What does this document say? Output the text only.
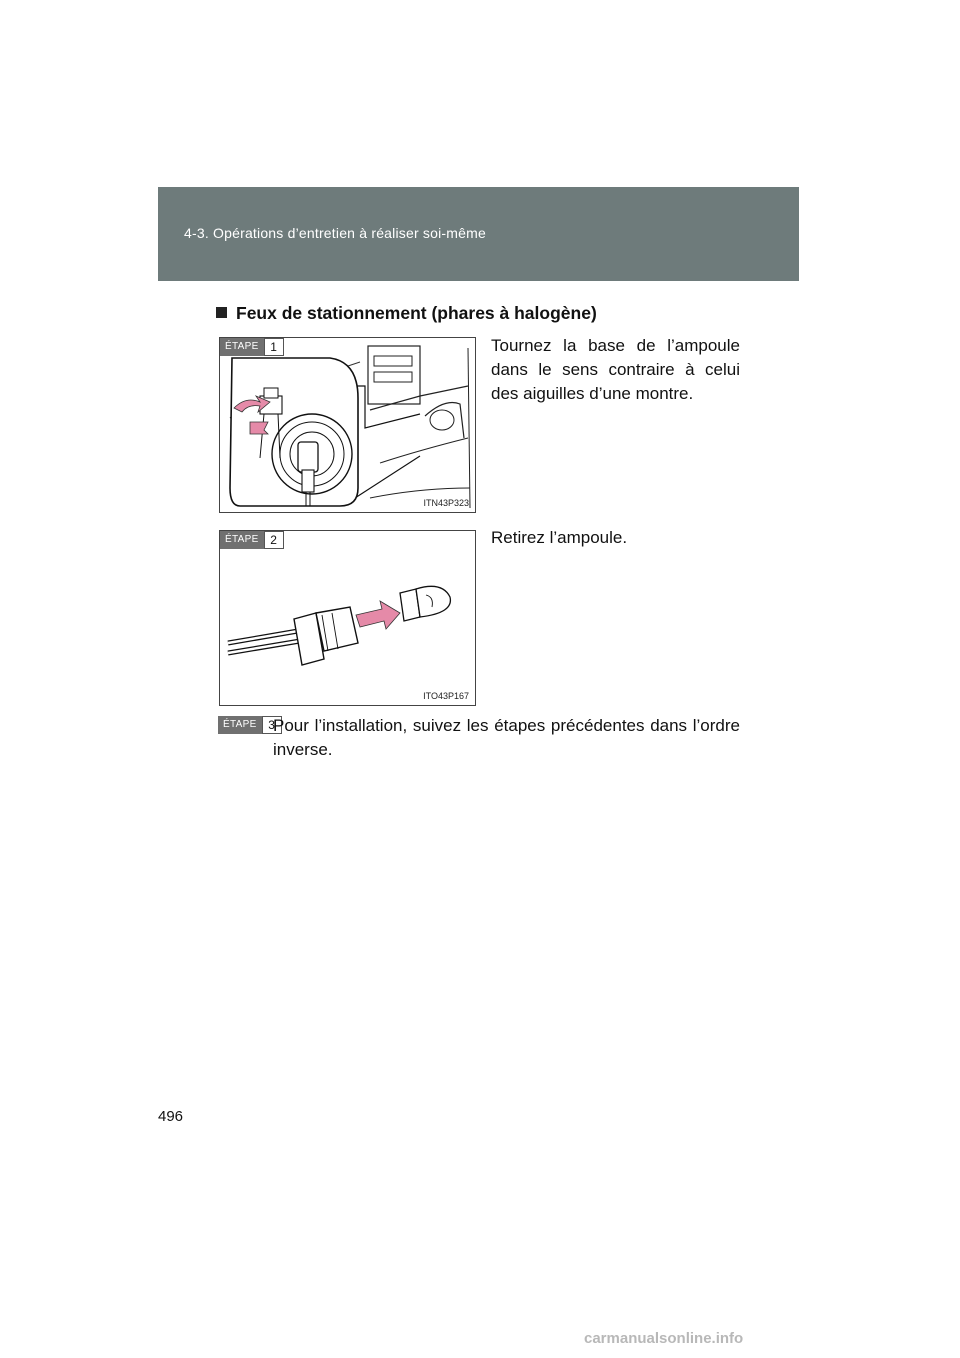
4-3. Opérations d’entretien à réaliser soi-même
Feux de stationnement (phares à halogène)
ÉTAPE 1
ITN43P323
Tournez la base de l’ampoule dans le sens contraire à celui des aiguilles d’une montre.
ÉTAPE 2
ITO43P167
Retirez l’ampoule.
ÉTAPE 3
Pour l’installation, suivez les étapes précédentes dans l’ordre inverse.
496
carmanualsonline.info
